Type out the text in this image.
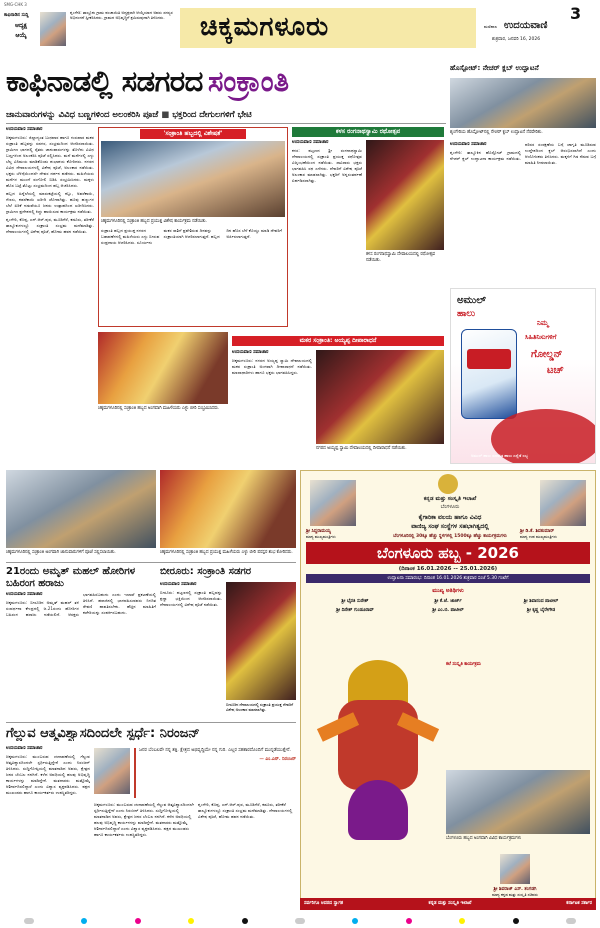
SMG-CHK 3
ಕಾಫಿನಾಡಿನ ಸುದ್ದಿ
ಆದ್ಯಕ್ಷ
ಆಯ್ಕೆ
ಶೃಂಗೇರಿ: ತಾಲ್ಲೂಕು ಗ್ರಾಮ ಪಂಚಾಯಿತಿ ಅಧ್ಯಕ್ಷರಾಗಿ ಆಯ್ಕೆಯಾದ ಅವರು ಸದಸ್ಯರ ಅಭಿನಂದನೆ ಸ್ವೀಕರಿಸಿದರು. ಗ್ರಾಮದ ಅಭಿವೃದ್ಧಿಗೆ ಶ್ರಮಿಸುವುದಾಗಿ ತಿಳಿಸಿದರು.	ಚಿಕ್ಕಮಗಳೂರು	3
ಮಣಿಪಾಲ ಉದಯವಾಣಿ
ಶುಕ್ರವಾರ, ಜನವರಿ 16, 2026
ಕಾಫಿನಾಡಲ್ಲಿ ಸಡಗರದ ಸಂಕ್ರಾಂತಿ
ಜಾನುವಾರುಗಳನ್ನು ವಿವಿಧ ಬಣ್ಣಗಳಿಂದ ಅಲಂಕರಿಸಿ ಪೂಜೆ ■ ಭಕ್ತರಿಂದ ದೇಗುಲಗಳಿಗೆ ಭೇಟಿ
ಉದಯವಾಣಿ ಸಮಾಚಾರ

ಚಿಕ್ಕಮಗಳೂರು: ಜಿಲ್ಲಾದ್ಯಂತ ಬುಧವಾರ ಹಾಗೂ ಗುರುವಾರ ಮಕರ ಸಂಕ್ರಾಂತಿ ಹಬ್ಬವನ್ನು ಸಡಗರ, ಸಂಭ್ರಮದಿಂದ ಆಚರಿಸಲಾಯಿತು. ಗ್ರಾಮೀಣ ಭಾಗದಲ್ಲಿ ರೈತರು ಜಾನುವಾರುಗಳನ್ನು ತೊಳೆದು ವಿವಿಧ ಬಣ್ಣಗಳಿಂದ ಅಲಂಕರಿಸಿ ಪೂಜೆ ಸಲ್ಲಿಸಿದರು. ಮನೆ ಮನೆಗಳಲ್ಲಿ ಎಳ್ಳು ಬೆಲ್ಲ ವಿನಿಮಯ ಮಾಡಿಕೊಂಡು ಶುಭಾಶಯ ಕೋರಿದರು. ನಗರದ ವಿವಿಧ ದೇವಾಲಯಗಳಲ್ಲಿ ವಿಶೇಷ ಪೂಜೆ, ಅಲಂಕಾರ ನಡೆಯಿತು. ಭಕ್ತರು ಬೆಳಿಗ್ಗೆಯಿಂದಲೇ ದೇವರ ದರ್ಶನ ಪಡೆದರು. ಮಹಿಳೆಯರು ಮನೆಗಳ ಮುಂದೆ ರಂಗೋಲಿ ಬಿಡಿಸಿ ಸಂಭ್ರಮಿಸಿದರು. ಮಕ್ಕಳು ಹೊಸ ಬಟ್ಟೆ ತೊಟ್ಟು ಸಂಭ್ರಮದಿಂದ ಹಬ್ಬ ಆಚರಿಸಿದರು.

ಹಬ್ಬದ ಹಿನ್ನೆಲೆಯಲ್ಲಿ ಮಾರುಕಟ್ಟೆಯಲ್ಲಿ ಕಬ್ಬು, ಅವರೆಕಾಯಿ, ಗೆಣಸು, ಕಡಲೆಕಾಯಿ ಖರೀದಿ ಜೋರಾಗಿತ್ತು. ಹೂವು ಹಣ್ಣುಗಳ ಬೆಲೆ ಏರಿಕೆ ನಡುವೆಯೂ ಜನರು ಉತ್ಸಾಹದಿಂದ ಖರೀದಿಸಿದರು. ಗ್ರಾಮೀಣ ಪ್ರದೇಶದಲ್ಲಿ ಕಿಚ್ಚು ಹಾಯಿಸುವ ಕಾರ್ಯಕ್ರಮ ನಡೆಯಿತು.

ಶೃಂಗೇರಿ, ಕೊಪ್ಪ, ಎನ್.ಆರ್.ಪುರ, ಮೂಡಿಗೆರೆ, ಕಡೂರು, ತರೀಕೆರೆ ತಾಲ್ಲೂಕುಗಳಲ್ಲೂ ಸಂಕ್ರಾಂತಿ ಸಂಭ್ರಮ ಮನೆಮಾಡಿತ್ತು. ದೇವಾಲಯಗಳಲ್ಲಿ ವಿಶೇಷ ಪೂಜೆ, ಹೋಮ ಹವನ ನಡೆಯಿತು.

'ಸಂಕ್ರಾಂತಿ ಹಬ್ಬದಲ್ಲಿ ವಿಶೇಷತೆ'
ಚಿಕ್ಕಮಗಳೂರಿನಲ್ಲಿ ಸಂಕ್ರಾಂತಿ ಹಬ್ಬದ ಪ್ರಯುಕ್ತ ವಿಶೇಷ ಕಾರ್ಯಕ್ರಮ ನಡೆಯಿತು.
ಸಂಕ್ರಾಂತಿ ಹಬ್ಬದ ಪ್ರಯುಕ್ತ ನಗರದ ಬಡಾವಣೆಗಳಲ್ಲಿ ಮಹಿಳೆಯರು ಎಳ್ಳು ಬೀರುವ ಸಂಪ್ರದಾಯ ಆಚರಿಸಿದರು. ಸೂರ್ಯನು ಮಕರ ರಾಶಿಗೆ ಪ್ರವೇಶಿಸುವ ದಿನವನ್ನು ಸಂಕ್ರಾಂತಿಯಾಗಿ ಆಚರಿಸಲಾಗುತ್ತದೆ. ಹಬ್ಬದ ದಿನ ಹೊಸ ಬೆಳೆ ಕೊಯ್ಲು ಮಾಡಿ ದೇವರಿಗೆ ಅರ್ಪಿಸಲಾಗುತ್ತದೆ.
ಚಿಕ್ಕಮಗಳೂರಿನಲ್ಲಿ ಸಂಕ್ರಾಂತಿ ಹಬ್ಬದ ಅಂಗವಾಗಿ ಮಹಿಳೆಯರು ಎಳ್ಳು ಬೀರಿ ಸಂಭ್ರಮಿಸಿದರು.
ಕಳಸ ರಂಗನಾಥಸ್ವಾಮಿ ರಥೋತ್ಸವ
ಉದಯವಾಣಿ ಸಮಾಚಾರ

ಕಳಸ: ಪಟ್ಟಣದ ಶ್ರೀ ರಂಗನಾಥಸ್ವಾಮಿ ದೇವಾಲಯದಲ್ಲಿ ಸಂಕ್ರಾಂತಿ ಪ್ರಯುಕ್ತ ರಥೋತ್ಸವ ವಿಜೃಂಭಣೆಯಿಂದ ನಡೆಯಿತು. ಸಾವಿರಾರು ಭಕ್ತರು ಭಾಗವಹಿಸಿ ರಥ ಎಳೆದರು. ದೇವರಿಗೆ ವಿಶೇಷ ಪೂಜೆ ಅಲಂಕಾರ ಮಾಡಲಾಗಿತ್ತು. ಭಕ್ತರಿಗೆ ಅನ್ನಸಂತರ್ಪಣೆ ಏರ್ಪಡಿಸಲಾಗಿತ್ತು.

ಕಳಸ ರಂಗನಾಥಸ್ವಾಮಿ ದೇವಾಲಯದಲ್ಲಿ ರಥೋತ್ಸವ ನಡೆಯಿತು.
ಮಕರ ಸಂಕ್ರಾಂತಿ: ಅಯ್ಯಪ್ಪ ದೀಪಾರಾಧನೆ
ಉದಯವಾಣಿ ಸಮಾಚಾರ

ಚಿಕ್ಕಮಗಳೂರು: ನಗರದ ಅಯ್ಯಪ್ಪ ಸ್ವಾಮಿ ದೇವಾಲಯದಲ್ಲಿ ಮಕರ ಸಂಕ್ರಾಂತಿ ಅಂಗವಾಗಿ ದೀಪಾರಾಧನೆ ನಡೆಯಿತು. ಮಾಲಾಧಾರಿಗಳು ಹಾಗೂ ಭಕ್ತರು ಭಾಗವಹಿಸಿದ್ದರು.

ನಗರದ ಅಯ್ಯಪ್ಪ ಸ್ವಾಮಿ ದೇವಾಲಯದಲ್ಲಿ ದೀಪಾರಾಧನೆ ನಡೆಯಿತು.
ಚಿಕ್ಕಮಗಳೂರಿನಲ್ಲಿ ಸಂಕ್ರಾಂತಿ ಅಂಗವಾಗಿ ಜಾನುವಾರುಗಳಿಗೆ ಪೂಜೆ ಸಲ್ಲಿಸಲಾಯಿತು.	ಚಿಕ್ಕಮಗಳೂರಿನಲ್ಲಿ ಸಂಕ್ರಾಂತಿ ಹಬ್ಬದ ಪ್ರಯುಕ್ತ ಮಹಿಳೆಯರು ಎಳ್ಳು ಬೀರಿ ಪರಸ್ಪರ ಶುಭ ಕೋರಿದರು.
ಹೊಸ್ಪೋಟ್: ನೇಚರ್ ಕ್ಲಬ್ ಉದ್ಘಾಟನೆ
ಶೃಂಗೇರಿಯ ಹೊಸ್ಪೋಟ್‌ನಲ್ಲಿ ನೇಚರ್ ಕ್ಲಬ್ ಉದ್ಘಾಟನೆ ನೆರವೇರಿತು.
ಉದಯವಾಣಿ ಸಮಾಚಾರ

ಶೃಂಗೇರಿ: ತಾಲ್ಲೂಕಿನ ಹೊಸ್ಪೋಟ್ ಗ್ರಾಮದಲ್ಲಿ ನೇಚರ್ ಕ್ಲಬ್ ಉದ್ಘಾಟನಾ ಕಾರ್ಯಕ್ರಮ ನಡೆಯಿತು. ಪರಿಸರ ಸಂರಕ್ಷಣೆಯ ಬಗ್ಗೆ ಜಾಗೃತಿ ಮೂಡಿಸುವ ಉದ್ದೇಶದಿಂದ ಕ್ಲಬ್ ಆರಂಭಿಸಲಾಗಿದೆ ಎಂದು ಆಯೋಜಕರು ತಿಳಿಸಿದರು. ಮಕ್ಕಳಿಗೆ ಗಿಡ ನೆಡುವ ಬಗ್ಗೆ ಮಾಹಿತಿ ನೀಡಲಾಯಿತು.

ಅಮುಲ್
ಹಾಲು
ನಿಮ್ಮ
ಸಿಹಿತಿನಿಸುಗಳಿಗೆ
ಗೋಲ್ಡನ್
ಟಚ್
ಅಮುಲ್ ಹಾಲು ಸುವಾಸಿತ ಹಾಲು ಎಲ್ಲೆಡೆ ಲಭ್ಯ
ಕನ್ನಡ ಮತ್ತು ಸಂಸ್ಕೃತಿ ಇಲಾಖೆ
ಬೆಂಗಳೂರು
ಶ್ರೀ ಸಿದ್ದರಾಮಯ್ಯ
ಮಾನ್ಯ ಮುಖ್ಯಮಂತ್ರಿಗಳು
ಶ್ರೀ ಡಿ.ಕೆ. ಶಿವಕುಮಾರ್
ಮಾನ್ಯ ಉಪ ಮುಖ್ಯಮಂತ್ರಿಗಳು
ಕೈಗಾರಿಕಾ ವಲಯ ಹಾಗೂ ವಿವಿಧ
ವಾಣಿಜ್ಯ ಸಂಘ ಸಂಸ್ಥೆಗಳ ಸಹಭಾಗಿತ್ವದಲ್ಲಿ
ಬೆಂಗಳೂರಿನಲ್ಲಿ 30ಕ್ಕೂ ಹೆಚ್ಚು ಸ್ಥಳಗಳಲ್ಲಿ 1500ಕ್ಕೂ ಹೆಚ್ಚು ಕಾರ್ಯಕ್ರಮಗಳು
ಬೆಂಗಳೂರು ಹಬ್ಬ - 2026
(ದಿನಾಂಕ 16.01.2026 -- 25.01.2026)
ಉದ್ಘಾಟನಾ ಸಮಾರಂಭ: ದಿನಾಂಕ 16.01.2026 ಶುಕ್ರವಾರ ಸಂಜೆ 5.30 ಗಂಟೆಗೆ
ಮುಖ್ಯ ಅತಿಥಿಗಳು
ಶ್ರೀ ಭೈರತಿ ಸುರೇಶ್	ಶ್ರೀ ಕೆ.ಜೆ. ಜಾರ್ಜ್	ಶ್ರೀ ಶಿವಾನಂದ ಪಾಟೀಲ್
ಶ್ರೀ ದಿನೇಶ್ ಗುಂಡೂರಾವ್	ಶ್ರೀ ಎಂ.ಬಿ. ಪಾಟೀಲ್	ಶ್ರೀ ಕೃಷ್ಣ ಬೈರೇಗೌಡ
ಬೆಂಗಳೂರು ಹಬ್ಬದ ಅಂಗವಾಗಿ ವಿವಿಧ ಕಾರ್ಯಕ್ರಮಗಳು
ಕಲೆ ಸಂಸ್ಕೃತಿ ಕಾರ್ಯಕ್ರಮ
ಶ್ರೀ ಶಿವರಾಜ್ ಎಸ್. ತಂಗಡಗಿ
ಮಾನ್ಯ ಕನ್ನಡ ಮತ್ತು ಸಂಸ್ಕೃತಿ ಸಚಿವರು
ಸರ್ವರಿಗೂ ಆದರದ ಸ್ವಾಗತ	ಕನ್ನಡ ಮತ್ತು ಸಂಸ್ಕೃತಿ ಇಲಾಖೆ	ಕರ್ನಾಟಕ ಸರ್ಕಾರ
21ರಂದು ಅಮೃತ್ ಮಹಲ್ ಹೋರಿಗಳ ಬಹಿರಂಗ ಹರಾಜು
ಉದಯವಾಣಿ ಸಮಾಚಾರ

ಚಿಕ್ಕಮಗಳೂರು: ಬೀರೂರಿನ ಅಮೃತ್ ಮಹಲ್ ತಳಿ ಸಂವರ್ಧನಾ ಕೇಂದ್ರದಲ್ಲಿ ಜ.21ರಂದು ಹೋರಿಗಳ ಬಹಿರಂಗ ಹರಾಜು ನಡೆಯಲಿದೆ. ಆಸಕ್ತರು ಭಾಗವಹಿಸಬಹುದು ಎಂದು ಇಲಾಖೆ ಪ್ರಕಟಣೆಯಲ್ಲಿ ತಿಳಿಸಿದೆ. ಹರಾಜಿನಲ್ಲಿ ಭಾಗವಹಿಸುವವರು ನಿಗದಿತ ಠೇವಣಿ ಪಾವತಿಸಬೇಕು. ಹೆಚ್ಚಿನ ಮಾಹಿತಿಗೆ ಕಚೇರಿಯನ್ನು ಸಂಪರ್ಕಿಸಬಹುದು.

ಬೀರೂರು: ಸಂಕ್ರಾಂತಿ ಸಡಗರ
ಉದಯವಾಣಿ ಸಮಾಚಾರ

ಬೀರೂರು: ಪಟ್ಟಣದಲ್ಲಿ ಸಂಕ್ರಾಂತಿ ಹಬ್ಬವನ್ನು ಶ್ರದ್ಧಾ ಭಕ್ತಿಯಿಂದ ಆಚರಿಸಲಾಯಿತು. ದೇವಾಲಯಗಳಲ್ಲಿ ವಿಶೇಷ ಪೂಜೆ ನಡೆಯಿತು.

ಬೀರೂರಿನ ದೇವಾಲಯದಲ್ಲಿ ಸಂಕ್ರಾಂತಿ ಪ್ರಯುಕ್ತ ದೇವರಿಗೆ ವಿಶೇಷ ಅಲಂಕಾರ ಮಾಡಲಾಗಿತ್ತು.
ಗೆಲ್ಲುವ ಆತ್ಮವಿಶ್ವಾಸದಿಂದಲೇ ಸ್ಪರ್ಧೆ: ನಿರಂಜನ್
ಉದಯವಾಣಿ ಸಮಾಚಾರ

ಚಿಕ್ಕಮಗಳೂರು: ಮುಂಬರುವ ಚುನಾವಣೆಯಲ್ಲಿ ಗೆಲ್ಲುವ ಆತ್ಮವಿಶ್ವಾಸದಿಂದಲೇ ಸ್ಪರ್ಧಿಸುತ್ತಿದ್ದೇನೆ ಎಂದು ನಿರಂಜನ್ ತಿಳಿಸಿದರು. ಸುದ್ದಿಗೋಷ್ಠಿಯಲ್ಲಿ ಮಾತನಾಡಿದ ಅವರು, ಕ್ಷೇತ್ರದ ಜನರ ಬೆಂಬಲ ನನಗಿದೆ. ಕಳೆದ ಅವಧಿಯಲ್ಲಿ ಹಲವು ಅಭಿವೃದ್ಧಿ ಕಾರ್ಯಗಳನ್ನು ಮಾಡಿದ್ದೇನೆ. ಮತದಾರರು ಮತ್ತೊಮ್ಮೆ ಆಶೀರ್ವದಿಸಲಿದ್ದಾರೆ ಎಂದು ವಿಶ್ವಾಸ ವ್ಯಕ್ತಪಡಿಸಿದರು. ಪಕ್ಷದ ಮುಖಂಡರು ಹಾಗೂ ಕಾರ್ಯಕರ್ತರು ಉಪಸ್ಥಿತರಿದ್ದರು.

ಜನರ ಬೆಂಬಲವೇ ನನ್ನ ಶಕ್ತಿ. ಕ್ಷೇತ್ರದ ಅಭಿವೃದ್ಧಿಯೇ ನನ್ನ ಗುರಿ. ಎಲ್ಲರ ಸಹಕಾರದೊಂದಿಗೆ ಮುನ್ನಡೆಯುತ್ತೇನೆ.
— ಎಂ.ಎನ್. ನಿರಂಜನ್
ಚಿಕ್ಕಮಗಳೂರು: ಮುಂಬರುವ ಚುನಾವಣೆಯಲ್ಲಿ ಗೆಲ್ಲುವ ಆತ್ಮವಿಶ್ವಾಸದಿಂದಲೇ ಸ್ಪರ್ಧಿಸುತ್ತಿದ್ದೇನೆ ಎಂದು ನಿರಂಜನ್ ತಿಳಿಸಿದರು. ಸುದ್ದಿಗೋಷ್ಠಿಯಲ್ಲಿ ಮಾತನಾಡಿದ ಅವರು, ಕ್ಷೇತ್ರದ ಜನರ ಬೆಂಬಲ ನನಗಿದೆ. ಕಳೆದ ಅವಧಿಯಲ್ಲಿ ಹಲವು ಅಭಿವೃದ್ಧಿ ಕಾರ್ಯಗಳನ್ನು ಮಾಡಿದ್ದೇನೆ. ಮತದಾರರು ಮತ್ತೊಮ್ಮೆ ಆಶೀರ್ವದಿಸಲಿದ್ದಾರೆ ಎಂದು ವಿಶ್ವಾಸ ವ್ಯಕ್ತಪಡಿಸಿದರು. ಪಕ್ಷದ ಮುಖಂಡರು ಹಾಗೂ ಕಾರ್ಯಕರ್ತರು ಉಪಸ್ಥಿತರಿದ್ದರು.
ಶೃಂಗೇರಿ, ಕೊಪ್ಪ, ಎನ್.ಆರ್.ಪುರ, ಮೂಡಿಗೆರೆ, ಕಡೂರು, ತರೀಕೆರೆ ತಾಲ್ಲೂಕುಗಳಲ್ಲೂ ಸಂಕ್ರಾಂತಿ ಸಂಭ್ರಮ ಮನೆಮಾಡಿತ್ತು. ದೇವಾಲಯಗಳಲ್ಲಿ ವಿಶೇಷ ಪೂಜೆ, ಹೋಮ ಹವನ ನಡೆಯಿತು.
